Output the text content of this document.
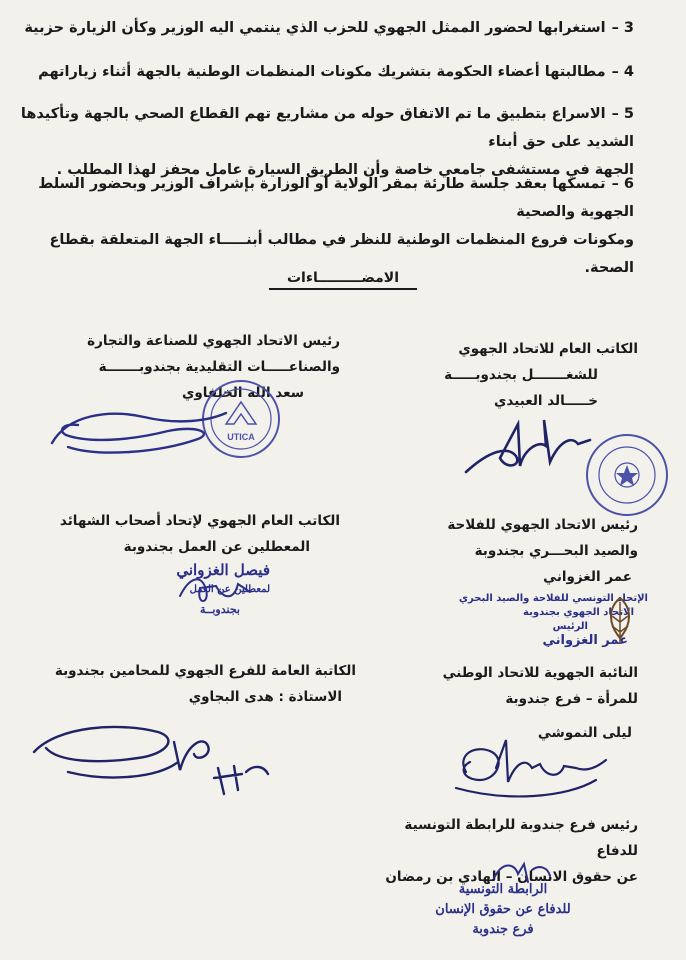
3 –استغرابها لحضور الممثل الجهوي للحزب الذي ينتمي اليه الوزير وكأن الزيارة حزبية
4 –مطالبتها أعضاء الحكومة بتشريك مكونات المنظمات الوطنية بالجهة أثناء زياراتهم
5 –الاسراع بتطبيق ما تم الاتفاق حوله من مشاريع تهم القطاع الصحي بالجهة وتأكيدها الشديد على حق أبناء
الجهة في مستشفى جامعي خاصة وأن الطريق السيارة عامل محفز لهذا المطلب .
6 –تمسكها بعقد جلسة طارئة بمقر الولاية أو الوزارة بإشراف الوزير وبحضور السلط الجهوية والصحية
ومكونات فروع المنظمات الوطنية للنظر في مطالب أبنـــــاء الجهة المتعلقة بقطاع الصحة.
الامضـــــــــاءات
رئيس الاتحاد الجهوي للصناعة والتجارة
والصناعـــــات التقليدية بجندوبـــــــة
سعد الله الخلفاوي
UTICA
الكاتب العام للاتحاد الجهوي
للشغـــــــل بجندوبـــــة
خـــــالد العبيدي
الكاتب العام الجهوي لإتحاد أصحاب الشهائد
المعطلين عن العمل بجندوبة
فيصل الغزواني
لمعطلين عن العمل
بجندوبــة
رئيس الاتحاد الجهوي للفلاحة
والصيد البحـــري بجندوبة
عمر الغزواني
الإتحاد التونسي للفلاحة والصيد البحري
الاتحاد الجهوي بجندوبة
الرئيس
عمر الغزواني
الكاتبة العامة للفرع الجهوي للمحامين بجندوبة
الاستاذة : هدى البجاوي
النائبة الجهوية للاتحاد الوطني
للمرأة – فرع جندوبة
ليلى النموشي
رئيس فرع جندوبة للرابطة التونسية للدفاع
عن حقوق الانسان – الهادي بن رمضان
الرابطة التونسية
للدفاع عن حقوق الإنسان
فرع جندوبة
